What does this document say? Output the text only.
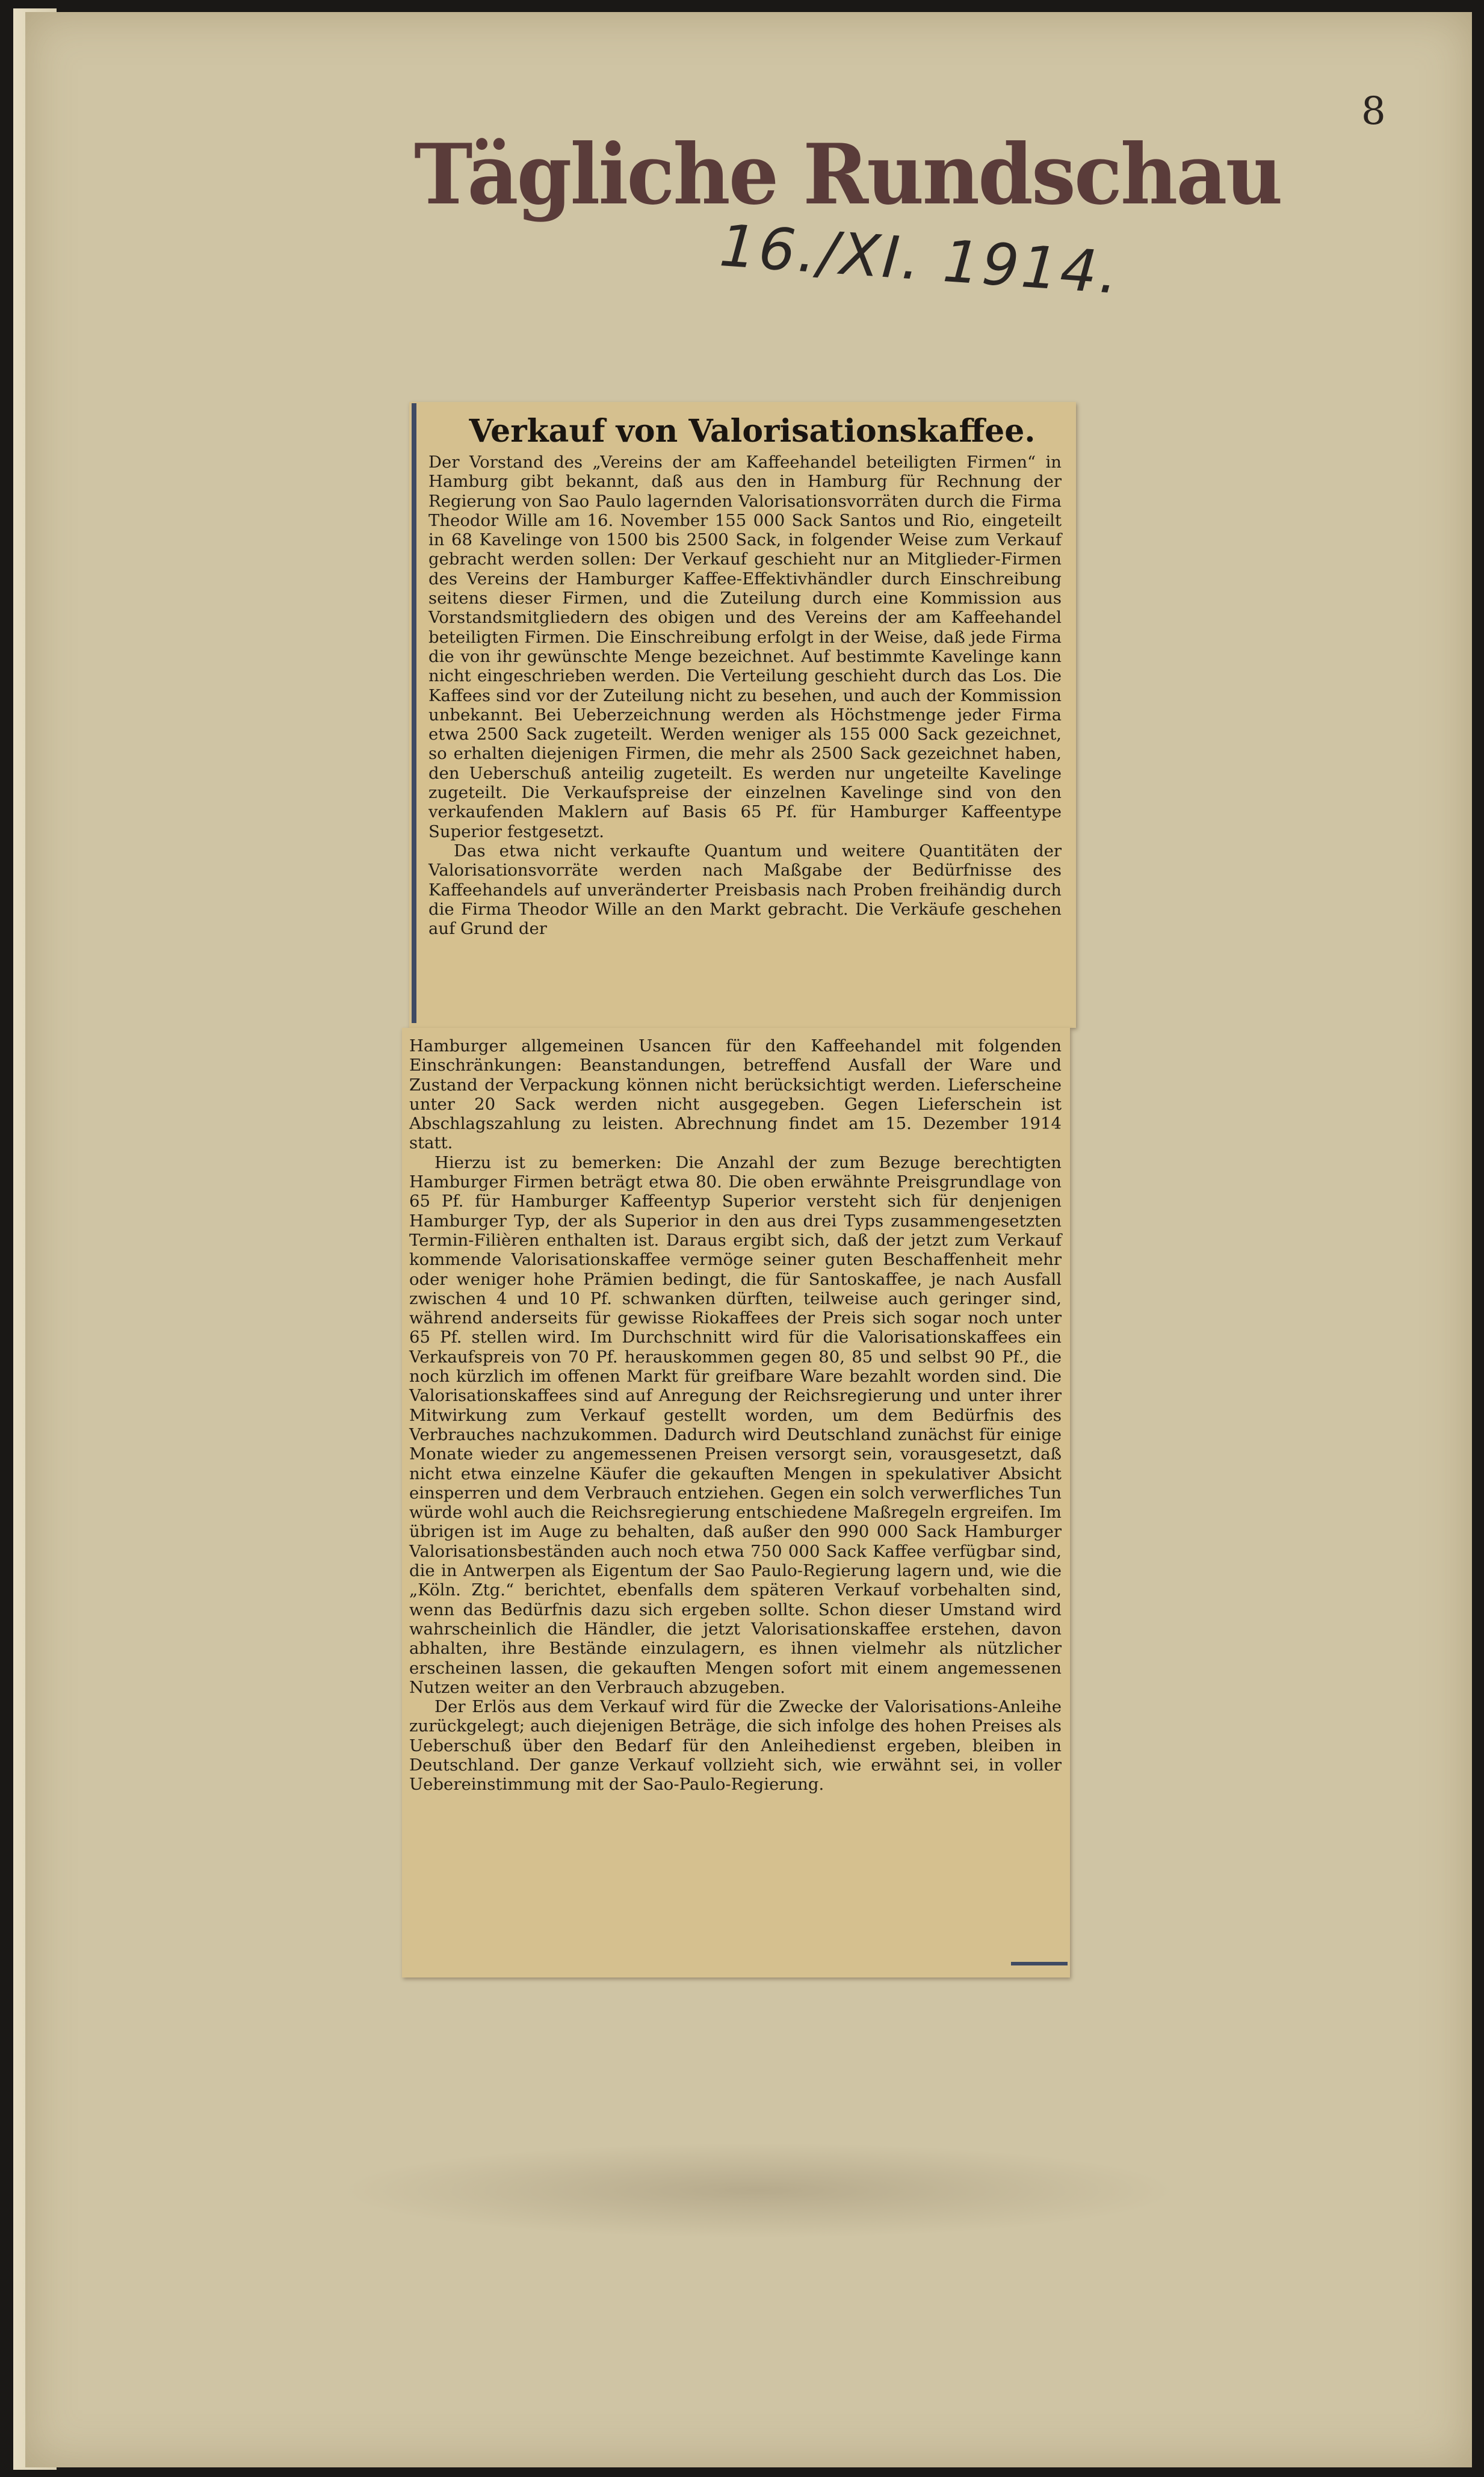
8
Tägliche Rundschau
16./XI. 1914.
Verkauf von Valorisationskaffee.

Der Vorstand des „Vereins der am Kaffeehandel beteiligten Firmen“ in Hamburg gibt bekannt, daß aus den in Hamburg für Rechnung der Regierung von Sao Paulo lagernden Valorisationsvorräten durch die Firma Theodor Wille am 16. November 155 000 Sack Santos und Rio, eingeteilt in 68 Kavelinge von 1500 bis 2500 Sack, in folgender Weise zum Verkauf gebracht werden sollen: Der Verkauf geschieht nur an Mitglieder-Firmen des Vereins der Hamburger Kaffee-Effektivhändler durch Einschreibung seitens dieser Firmen, und die Zuteilung durch eine Kommission aus Vorstandsmitgliedern des obigen und des Vereins der am Kaffeehandel beteiligten Firmen. Die Einschreibung erfolgt in der Weise, daß jede Firma die von ihr gewünschte Menge bezeichnet. Auf bestimmte Kavelinge kann nicht eingeschrieben werden. Die Verteilung geschieht durch das Los. Die Kaffees sind vor der Zuteilung nicht zu besehen, und auch der Kommission unbekannt. Bei Ueberzeichnung werden als Höchstmenge jeder Firma etwa 2500 Sack zugeteilt. Werden weniger als 155 000 Sack gezeichnet, so erhalten diejenigen Firmen, die mehr als 2500 Sack gezeichnet haben, den Ueberschuß anteilig zugeteilt. Es werden nur ungeteilte Kavelinge zugeteilt. Die Verkaufspreise der einzelnen Kavelinge sind von den verkaufenden Maklern auf Basis 65 Pf. für Hamburger Kaffeentype Superior festgesetzt.

Das etwa nicht verkaufte Quantum und weitere Quantitäten der Valorisationsvorräte werden nach Maßgabe der Bedürfnisse des Kaffeehandels auf unveränderter Preisbasis nach Proben freihändig durch die Firma Theodor Wille an den Markt gebracht. Die Verkäufe geschehen auf Grund der

Hamburger allgemeinen Usancen für den Kaffeehandel mit folgenden Einschränkungen: Beanstandungen, betreffend Ausfall der Ware und Zustand der Verpackung können nicht berücksichtigt werden. Lieferscheine unter 20 Sack werden nicht ausgegeben. Gegen Lieferschein ist Abschlagszahlung zu leisten. Abrechnung findet am 15. Dezember 1914 statt.

Hierzu ist zu bemerken: Die Anzahl der zum Bezuge berechtigten Hamburger Firmen beträgt etwa 80. Die oben erwähnte Preisgrundlage von 65 Pf. für Hamburger Kaffeentyp Superior versteht sich für denjenigen Hamburger Typ, der als Superior in den aus drei Typs zusammengesetzten Termin-Filièren enthalten ist. Daraus ergibt sich, daß der jetzt zum Verkauf kommende Valorisationskaffee vermöge seiner guten Beschaffenheit mehr oder weniger hohe Prämien bedingt, die für Santoskaffee, je nach Ausfall zwischen 4 und 10 Pf. schwanken dürften, teilweise auch geringer sind, während anderseits für gewisse Riokaffees der Preis sich sogar noch unter 65 Pf. stellen wird. Im Durchschnitt wird für die Valorisationskaffees ein Verkaufspreis von 70 Pf. herauskommen gegen 80, 85 und selbst 90 Pf., die noch kürzlich im offenen Markt für greifbare Ware bezahlt worden sind. Die Valorisationskaffees sind auf Anregung der Reichsregierung und unter ihrer Mitwirkung zum Verkauf gestellt worden, um dem Bedürfnis des Verbrauches nachzukommen. Dadurch wird Deutschland zunächst für einige Monate wieder zu angemessenen Preisen versorgt sein, vorausgesetzt, daß nicht etwa einzelne Käufer die gekauften Mengen in spekulativer Absicht einsperren und dem Verbrauch entziehen. Gegen ein solch verwerfliches Tun würde wohl auch die Reichsregierung entschiedene Maßregeln ergreifen. Im übrigen ist im Auge zu behalten, daß außer den 990 000 Sack Hamburger Valorisationsbeständen auch noch etwa 750 000 Sack Kaffee verfügbar sind, die in Antwerpen als Eigentum der Sao Paulo-Regierung lagern und, wie die „Köln. Ztg.“ berichtet, ebenfalls dem späteren Verkauf vorbehalten sind, wenn das Bedürfnis dazu sich ergeben sollte. Schon dieser Umstand wird wahrscheinlich die Händler, die jetzt Valorisationskaffee erstehen, davon abhalten, ihre Bestände einzulagern, es ihnen vielmehr als nützlicher erscheinen lassen, die gekauften Mengen sofort mit einem angemessenen Nutzen weiter an den Verbrauch abzugeben.

Der Erlös aus dem Verkauf wird für die Zwecke der Valorisations-Anleihe zurückgelegt; auch diejenigen Beträge, die sich infolge des hohen Preises als Ueberschuß über den Bedarf für den Anleihedienst ergeben, bleiben in Deutschland. Der ganze Verkauf vollzieht sich, wie erwähnt sei, in voller Uebereinstimmung mit der Sao-Paulo-Regierung.
